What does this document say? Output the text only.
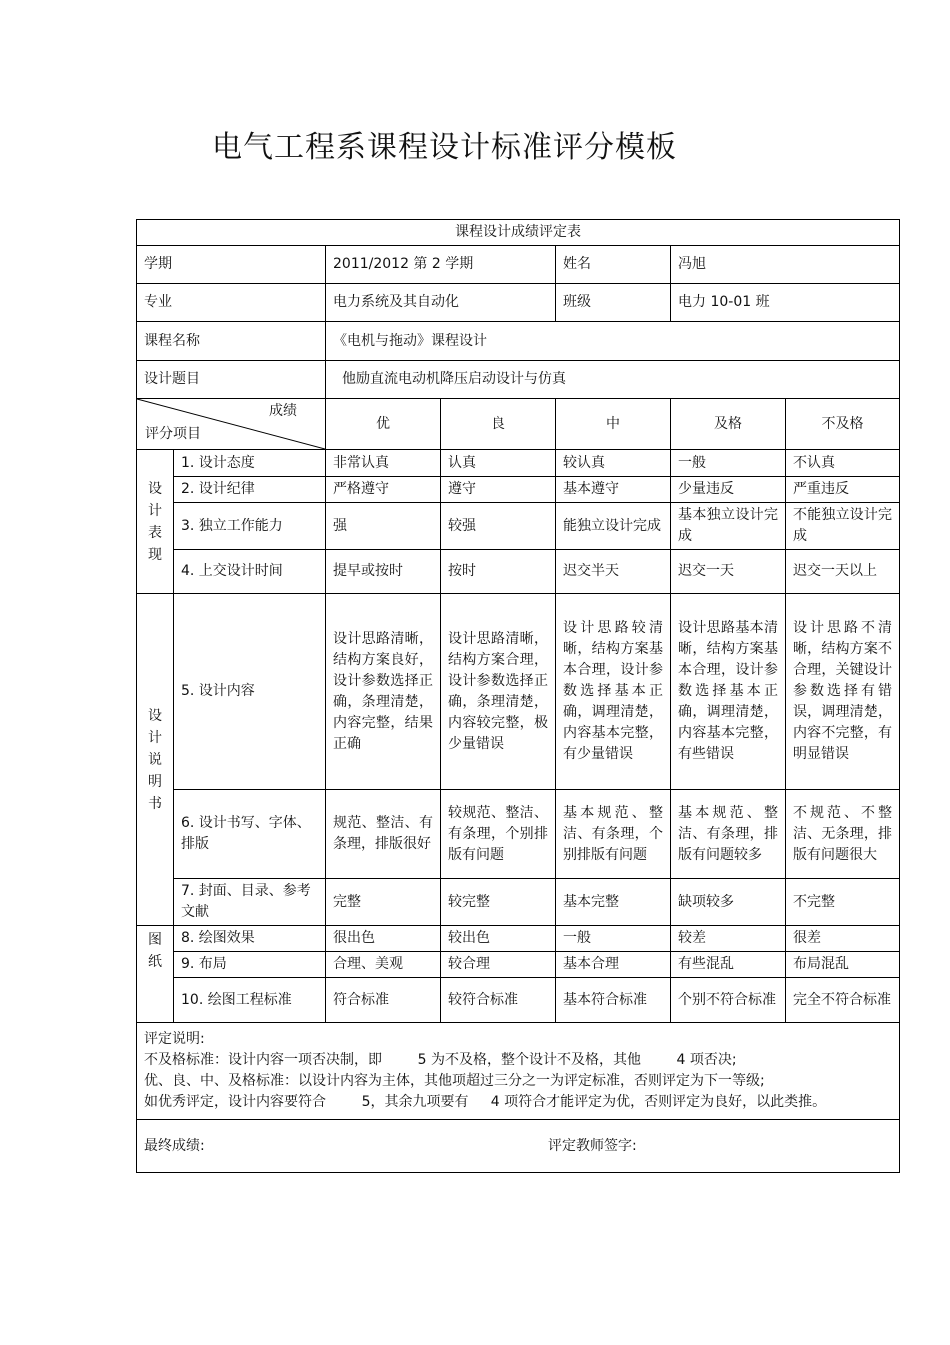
电气工程系课程设计标准评分模板
课程设计成绩评定表						
学期		2011/2012 第 2 学期		姓名	冯旭	
专业		电力系统及其自动化		班级	电力 10-01 班	
课程名称		《电机与拖动》课程设计				
设计题目		他励直流电动机降压启动设计与仿真				

成绩
评分项目		优	良	中	及格	不及格
设计表现	1. 设计态度	非常认真	认真	较认真	一般	不认真
	2. 设计纪律	严格遵守	遵守	基本遵守	少量违反	严重违反
	3. 独立工作能力	强	较强	能独立设计完成	基本独立设计完成	不能独立设计完成
	4. 上交设计时间	提早或按时	按时	迟交半天	迟交一天	迟交一天以上
设计说明书	5. 设计内容	设计思路清晰，结构方案良好，设计参数选择正确，条理清楚，内容完整，结果正确	设计思路清晰，结构方案合理，设计参数选择正确，条理清楚，内容较完整，极少量错误	设计思路较清晰，结构方案基本合理，设计参数选择基本正确，调理清楚，内容基本完整，有少量错误	设计思路基本清晰，结构方案基本合理，设计参数选择基本正确，调理清楚，内容基本完整，有些错误	设计思路不清晰，结构方案不合理，关键设计参数选择有错误，调理清楚，内容不完整，有明显错误
	6. 设计书写、字体、排版	规范、整洁、有条理，排版很好	较规范、整洁、有条理，个别排版有问题	基本规范、整洁、有条理，个别排版有问题	基本规范、整洁、有条理，排版有问题较多	不规范、不整洁、无条理，排版有问题很大
	7. 封面、目录、参考文献	完整	较完整	基本完整	缺项较多	不完整
图纸	8. 绘图效果	很出色	较出色	一般	较差	很差
	9. 布局	合理、美观	较合理	基本合理	有些混乱	布局混乱
	10. 绘图工程标准	符合标准	较符合标准	基本符合标准	个别不符合标准	完全不符合标准

评定说明:
不及格标准：设计内容一项否决制，即        5 为不及格，整个设计不及格，其他        4 项否决;
优、良、中、及格标准：以设计内容为主体，其他项超过三分之一为评定标准，否则评定为下一等级;
如优秀评定，设计内容要符合        5，其余九项要有     4 项符合才能评定为优，否则评定为良好，以此类推。						

最终成绩: 评定教师签字:						
